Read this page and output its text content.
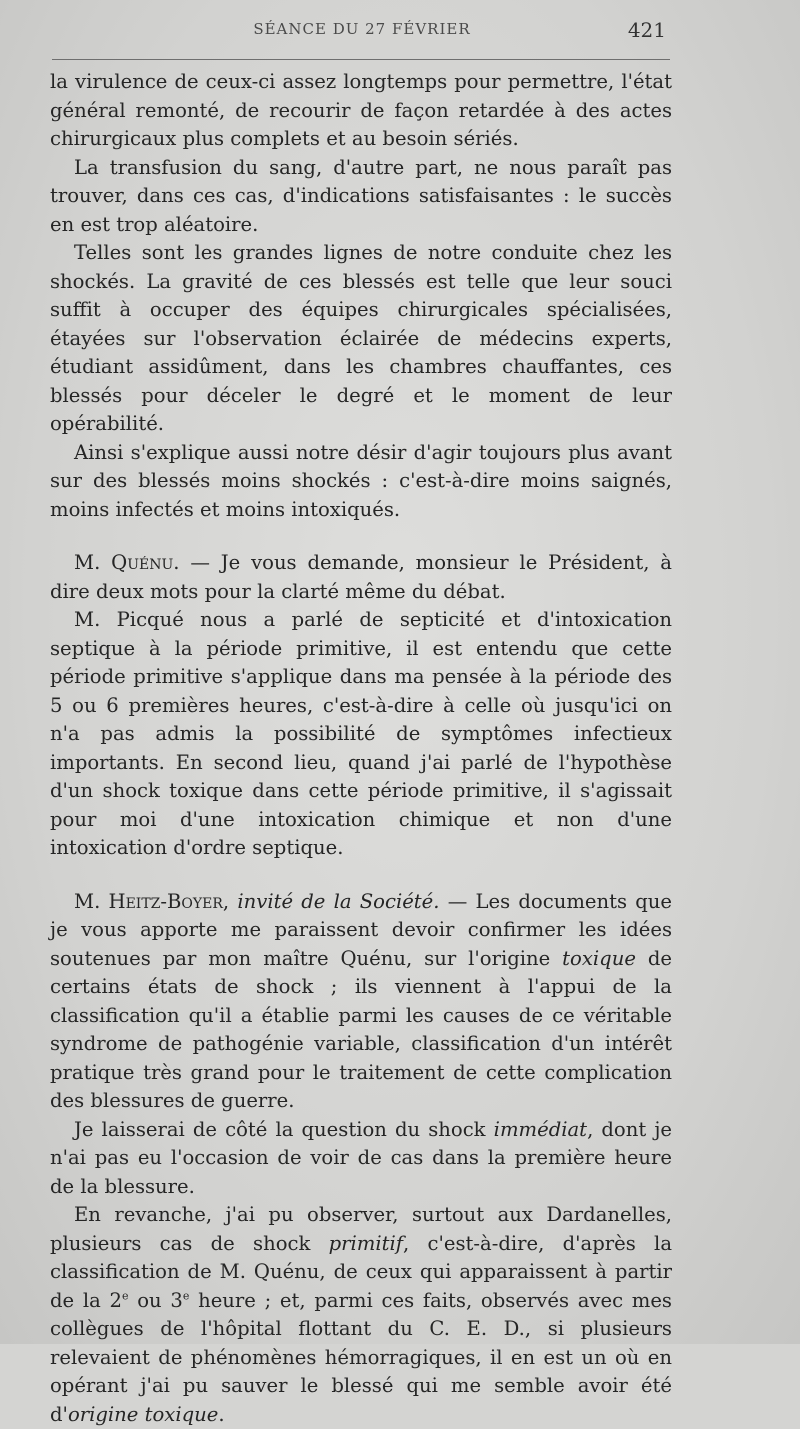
SÉANCE DU 27 FÉVRIER	421

la virulence de ceux-ci assez longtemps pour permettre, l'état général remonté, de recourir de façon retardée à des actes chirurgicaux plus complets et au besoin sériés.

La transfusion du sang, d'autre part, ne nous paraît pas trouver, dans ces cas, d'indications satisfaisantes : le succès en est trop aléatoire.

Telles sont les grandes lignes de notre conduite chez les shockés. La gravité de ces blessés est telle que leur souci suffit à occuper des équipes chirurgicales spécialisées, étayées sur l'observation éclairée de médecins experts, étudiant assidûment, dans les chambres chauffantes, ces blessés pour déceler le degré et le moment de leur opérabilité.

Ainsi s'explique aussi notre désir d'agir toujours plus avant sur des blessés moins shockés : c'est-à-dire moins saignés, moins infectés et moins intoxiqués.

M. Quénu. — Je vous demande, monsieur le Président, à dire deux mots pour la clarté même du débat.

M. Picqué nous a parlé de septicité et d'intoxication septique à la période primitive, il est entendu que cette période primitive s'applique dans ma pensée à la période des 5 ou 6 premières heures, c'est-à-dire à celle où jusqu'ici on n'a pas admis la possibilité de symptômes infectieux importants. En second lieu, quand j'ai parlé de l'hypothèse d'un shock toxique dans cette période primitive, il s'agissait pour moi d'une intoxication chimique et non d'une intoxication d'ordre septique.

M. Heitz-Boyer, invité de la Société. — Les documents que je vous apporte me paraissent devoir confirmer les idées soutenues par mon maître Quénu, sur l'origine toxique de certains états de shock ; ils viennent à l'appui de la classification qu'il a établie parmi les causes de ce véritable syndrome de pathogénie variable, classification d'un intérêt pratique très grand pour le traitement de cette complication des blessures de guerre.

Je laisserai de côté la question du shock immédiat, dont je n'ai pas eu l'occasion de voir de cas dans la première heure de la blessure.

En revanche, j'ai pu observer, surtout aux Dardanelles, plusieurs cas de shock primitif, c'est-à-dire, d'après la classification de M. Quénu, de ceux qui apparaissent à partir de la 2e ou 3e heure ; et, parmi ces faits, observés avec mes collègues de l'hôpital flottant du C. E. D., si plusieurs relevaient de phénomènes hémorragiques, il en est un où en opérant j'ai pu sauver le blessé qui me semble avoir été d'origine toxique.
